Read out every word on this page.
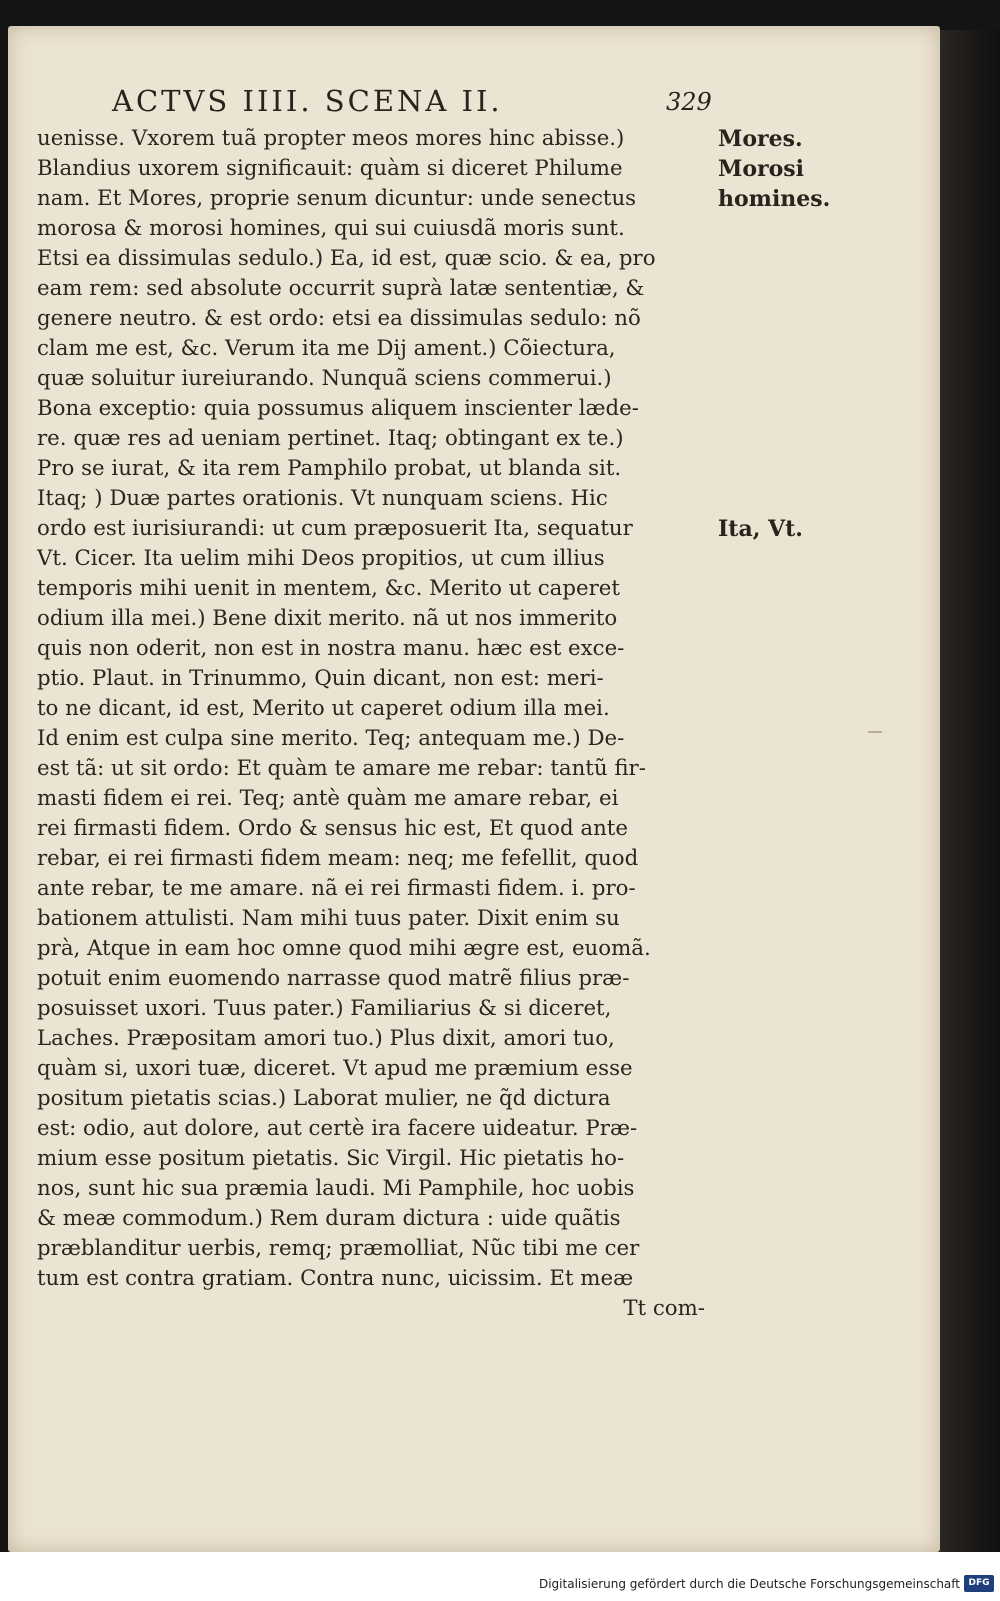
ACTVS IIII. SCENA II.	329
uenisse. Vxorem tuã propter meos mores hinc abisse.)
Blandius uxorem significauit: quàm si diceret Philume
nam. Et Mores, proprie senum dicuntur: unde senectus
morosa & morosi homines, qui sui cuiusdã moris sunt.
Etsi ea dissimulas sedulo.) Ea, id est, quæ scio. & ea, pro
eam rem: sed absolute occurrit suprà latæ sententiæ, &
genere neutro. & est ordo: etsi ea dissimulas sedulo: nõ
clam me est, &c. Verum ita me Dij ament.) Cõiectura,
quæ soluitur iureiurando. Nunquã sciens commerui.)
Bona exceptio: quia possumus aliquem inscienter lædе-
re. quæ res ad ueniam pertinet. Itaq; obtingant ex te.)
Pro se iurat, & ita rem Pamphilo probat, ut blanda sit.
Itaq; ) Duæ partes orationis. Vt nunquam sciens. Hic
ordo est iurisiurandi: ut cum præposuerit Ita, sequatur
Vt. Cicer. Ita uelim mihi Deos propitios, ut cum illius
temporis mihi uenit in mentem, &c. Merito ut caperet
odium illa mei.) Bene dixit merito. nã ut nos immerito
quis non oderit, non est in nostra manu. hæc est exce-
ptio. Plaut. in Trinummo, Quin dicant, non est: meri-
to ne dicant, id est, Merito ut caperet odium illa mei.
Id enim est culpa sine merito. Teq; antequam me.) De-
est tã: ut sit ordo: Et quàm te amare me rebar: tantũ fir-
masti fidem ei rei. Teq; antè quàm me amare rebar, ei
rei firmasti fidem. Ordo & sensus hic est, Et quod ante
rebar, ei rei firmasti fidem meam: neq; me fefellit, quod
ante rebar, te me amare. nã ei rei firmasti fidem. i. pro-
bationem attulisti. Nam mihi tuus pater. Dixit enim su
prà, Atque in eam hoc omne quod mihi ægre est, euomã.
potuit enim euomendo narrasse quod matrẽ filius præ-
posuisset uxori. Tuus pater.) Familiarius & si diceret,
Laches. Præpositam amori tuo.) Plus dixit, amori tuo,
quàm si, uxori tuæ, diceret. Vt apud me præmium esse
positum pietatis scias.) Laborat mulier, ne q̃d dictura
est: odio, aut dolore, aut certè ira facere uideatur. Præ-
mium esse positum pietatis. Sic Virgil. Hic pietatis ho-
nos, sunt hic sua præmia laudi. Mi Pamphile, hoc uobis
& meæ commodum.) Rem duram dictura : uide quãtis
præblanditur uerbis, remq; præmolliat, Nũc tibi me cer
tum est contra gratiam. Contra nunc, uicissim. Et meæ
Tt com-
Mores.
Morosi
homines.
Ita, Vt.
Digitalisierung gefördert durch die Deutsche Forschungsgemeinschaft DFG
